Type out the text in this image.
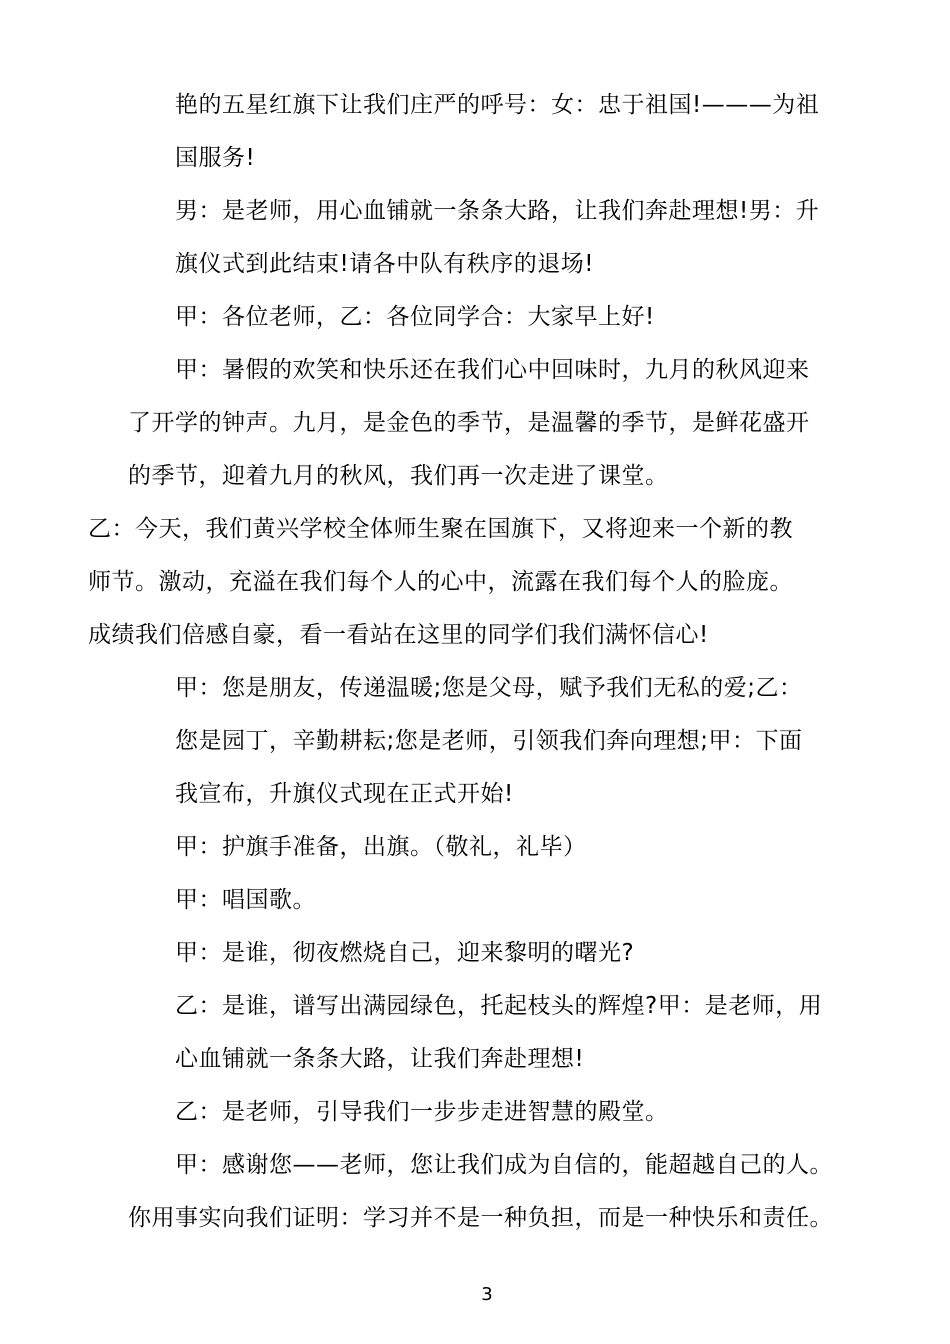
艳的五星红旗下让我们庄严的呼号：女：忠于祖国!———为祖
国服务!
男：是老师，用心血铺就一条条大路，让我们奔赴理想!男：升
旗仪式到此结束!请各中队有秩序的退场!
甲：各位老师，乙：各位同学合：大家早上好!
甲：暑假的欢笑和快乐还在我们心中回味时，九月的秋风迎来
了开学的钟声。九月，是金色的季节，是温馨的季节，是鲜花盛开
的季节，迎着九月的秋风，我们再一次走进了课堂。
乙：今天，我们黄兴学校全体师生聚在国旗下，又将迎来一个新的教
师节。激动，充溢在我们每个人的心中，流露在我们每个人的脸庞。
成绩我们倍感自豪，看一看站在这里的同学们我们满怀信心!
甲：您是朋友，传递温暖;您是父母，赋予我们无私的爱;乙：
您是园丁，辛勤耕耘;您是老师，引领我们奔向理想;甲：下面
我宣布，升旗仪式现在正式开始!
甲：护旗手准备，出旗。（敬礼，礼毕）
甲：唱国歌。
甲：是谁，彻夜燃烧自己，迎来黎明的曙光?
乙：是谁，谱写出满园绿色，托起枝头的辉煌?甲：是老师，用
心血铺就一条条大路，让我们奔赴理想!
乙：是老师，引导我们一步步走进智慧的殿堂。
甲：感谢您——老师，您让我们成为自信的，能超越自己的人。
你用事实向我们证明：学习并不是一种负担，而是一种快乐和责任。
3
